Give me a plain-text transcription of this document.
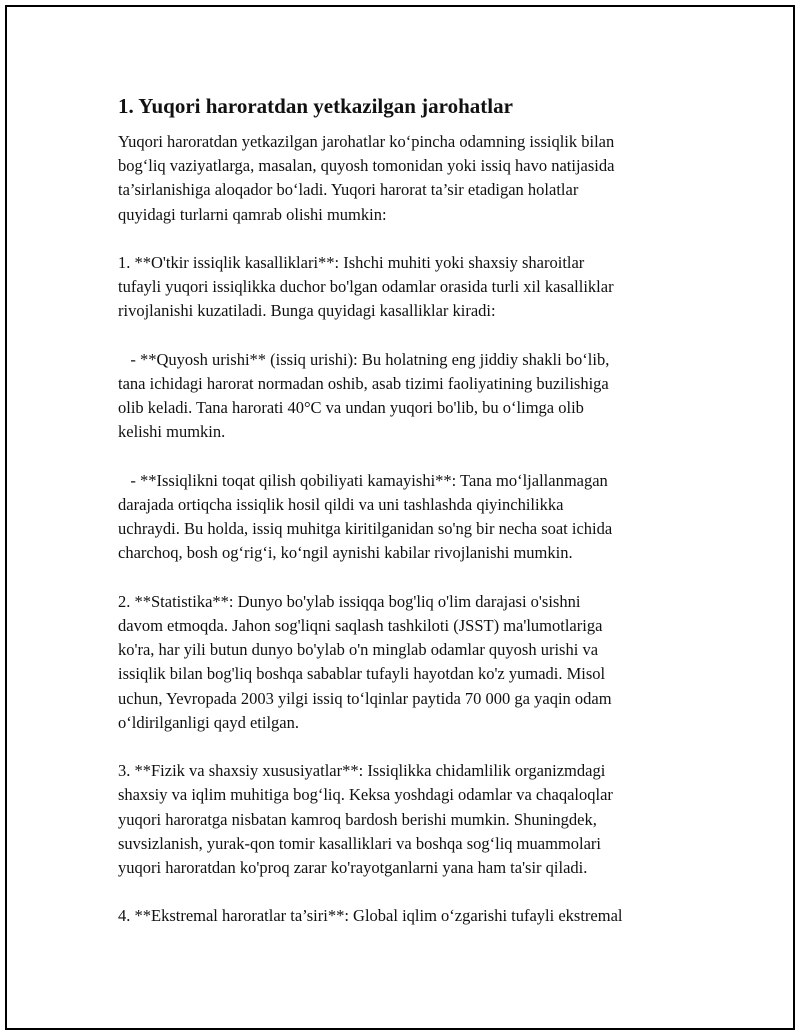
1. Yuqori haroratdan yetkazilgan jarohatlar

Yuqori haroratdan yetkazilgan jarohatlar ko‘pincha odamning issiqlik bilan
bog‘liq vaziyatlarga, masalan, quyosh tomonidan yoki issiq havo natijasida
ta’sirlanishiga aloqador bo‘ladi. Yuqori harorat ta’sir etadigan holatlar
quyidagi turlarni qamrab olishi mumkin:

1. **O'tkir issiqlik kasalliklari**: Ishchi muhiti yoki shaxsiy sharoitlar
tufayli yuqori issiqlikka duchor bo'lgan odamlar orasida turli xil kasalliklar
rivojlanishi kuzatiladi. Bunga quyidagi kasalliklar kiradi:

- **Quyosh urishi** (issiq urishi): Bu holatning eng jiddiy shakli bo‘lib,
tana ichidagi harorat normadan oshib, asab tizimi faoliyatining buzilishiga
olib keladi. Tana harorati 40°C va undan yuqori bo'lib, bu o‘limga olib
kelishi mumkin.

- **Issiqlikni toqat qilish qobiliyati kamayishi**: Tana mo‘ljallanmagan
darajada ortiqcha issiqlik hosil qildi va uni tashlashda qiyinchilikka
uchraydi. Bu holda, issiq muhitga kiritilganidan so'ng bir necha soat ichida
charchoq, bosh og‘rig‘i, ko‘ngil aynishi kabilar rivojlanishi mumkin.

2. **Statistika**: Dunyo bo'ylab issiqqa bog'liq o'lim darajasi o'sishni
davom etmoqda. Jahon sog'liqni saqlash tashkiloti (JSST) ma'lumotlariga
ko'ra, har yili butun dunyo bo'ylab o'n minglab odamlar quyosh urishi va
issiqlik bilan bog'liq boshqa sabablar tufayli hayotdan ko'z yumadi. Misol
uchun, Yevropada 2003 yilgi issiq to‘lqinlar paytida 70 000 ga yaqin odam
o‘ldirilganligi qayd etilgan.

3. **Fizik va shaxsiy xususiyatlar**: Issiqlikka chidamlilik organizmdagi
shaxsiy va iqlim muhitiga bog‘liq. Keksa yoshdagi odamlar va chaqaloqlar
yuqori haroratga nisbatan kamroq bardosh berishi mumkin. Shuningdek,
suvsizlanish, yurak-qon tomir kasalliklari va boshqa sog‘liq muammolari
yuqori haroratdan ko'proq zarar ko'rayotganlarni yana ham ta'sir qiladi.

4. **Ekstremal haroratlar ta’siri**: Global iqlim o‘zgarishi tufayli ekstremal
